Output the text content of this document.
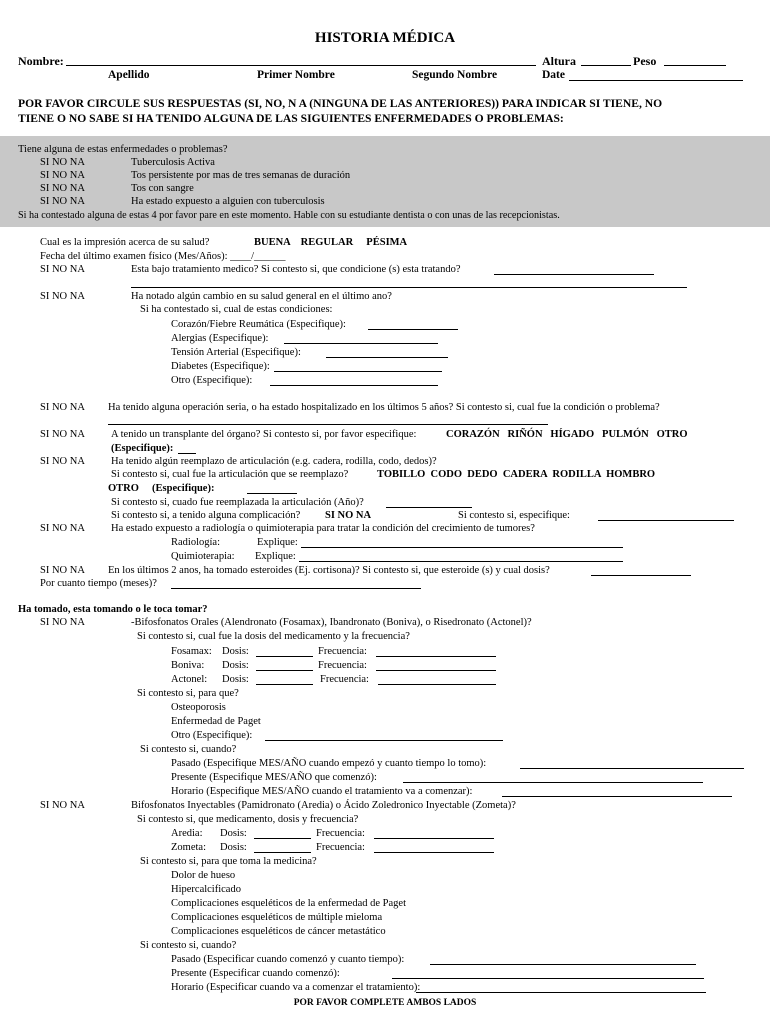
HISTORIA MÉDICA
Nombre:	Altura	Peso
Apellido	Primer Nombre	Segundo Nombre	Date
POR FAVOR CIRCULE SUS RESPUESTAS (SI, NO, N A (NINGUNA DE LAS ANTERIORES)) PARA INDICAR SI TIENE, NO
TIENE O NO SABE SI HA TENIDO ALGUNA DE LAS SIGUIENTES ENFERMEDADES O PROBLEMAS:
Tiene alguna de estas enfermedades o problemas?
SI NO NA	Tuberculosis Activa
SI NO NA	Tos persistente por mas de tres semanas de duración
SI NO NA	Tos con sangre
SI NO NA	Ha estado expuesto a alguien con tuberculosis
Si ha contestado alguna de estas 4 por favor pare en este momento. Hable con su estudiante dentista o con unas de las recepcionistas.
Cual es la impresión acerca de su salud?	BUENA    REGULAR     PÉSIMA
Fecha del último examen físico (Mes/Años): ____/______
SI NO NA	Esta bajo tratamiento medico? Si contesto si, que condicione (s) esta tratando?
SI NO NA	Ha notado algún cambio en su salud general en el último ano?
Si ha contestado si, cual de estas condiciones:
Corazón/Fiebre Reumática (Especifique):
Alergias (Especifique):
Tensión Arterial (Especifique):
Diabetes (Especifique):
Otro (Especifique):
SI NO NA Ha tenido alguna operación seria, o ha estado hospitalizado en los últimos 5 años? Si contesto si, cual fue la condición o problema?
SI NO NA A tenido un transplante del órgano? Si contesto si, por favor especifique:	CORAZÓN   RIÑÓN   HÍGADO   PULMÓN   OTRO
(Especifique):
SI NO NA Ha tenido algún reemplazo de articulación (e.g. cadera, rodilla, codo, dedos)?
Si contesto si, cual fue la articulación que se reemplazo?	TOBILLO  CODO  DEDO  CADERA  RODILLA  HOMBRO
OTRO     (Especifique):
Si contesto si, cuado fue reemplazada la articulación (Año)?
Si contesto si, a tenido alguna complicación? SI NO NA	Si contesto si, especifique:
SI NO NA Ha estado expuesto a radiología o quimioterapia para tratar la condición del crecimiento de tumores?
Radiología:	Explique:
Quimioterapia: Explique:
SI NO NA En los últimos 2 anos, ha tomado esteroides (Ej. cortisona)? Si contesto si, que esteroide (s) y cual dosis?
Por cuanto tiempo (meses)?
Ha tomado, esta tomando o le toca tomar?
SI NO NA	-Bifosfonatos Orales (Alendronato (Fosamax), Ibandronato (Boniva), o Risedronato (Actonel)?
Si contesto si, cual fue la dosis del medicamento y la frecuencia?
Fosamax: Dosis:	Frecuencia:
Boniva: Dosis:	Frecuencia:
Actonel: Dosis:	Frecuencia:
Si contesto si, para que?
Osteoporosis
Enfermedad de Paget
Otro (Especifique):
Si contesto si, cuando?
Pasado (Especifique MES/AÑO cuando empezó y cuanto tiempo lo tomo):
Presente (Especifique MES/AÑO que comenzó):
Horario (Especifique MES/AÑO cuando el tratamiento va a comenzar):
SI NO NA	Bifosfonatos Inyectables (Pamidronato (Aredia) o Ácido Zoledronico Inyectable (Zometa)?
Si contesto si, que medicamento, dosis y frecuencia?
Aredia: Dosis:	Frecuencia:
Zometa: Dosis:	Frecuencia:
Si contesto si, para que toma la medicina?
Dolor de hueso
Hipercalcificado
Complicaciones esqueléticos de la enfermedad de Paget
Complicaciones esqueléticos de múltiple mieloma
Complicaciones esqueléticos de cáncer metastático
Si contesto si, cuando?
Pasado (Especificar cuando comenzó y cuanto tiempo):
Presente (Especificar cuando comenzó):
Horario (Especificar cuando va a comenzar el tratamiento):
POR FAVOR COMPLETE AMBOS LADOS
